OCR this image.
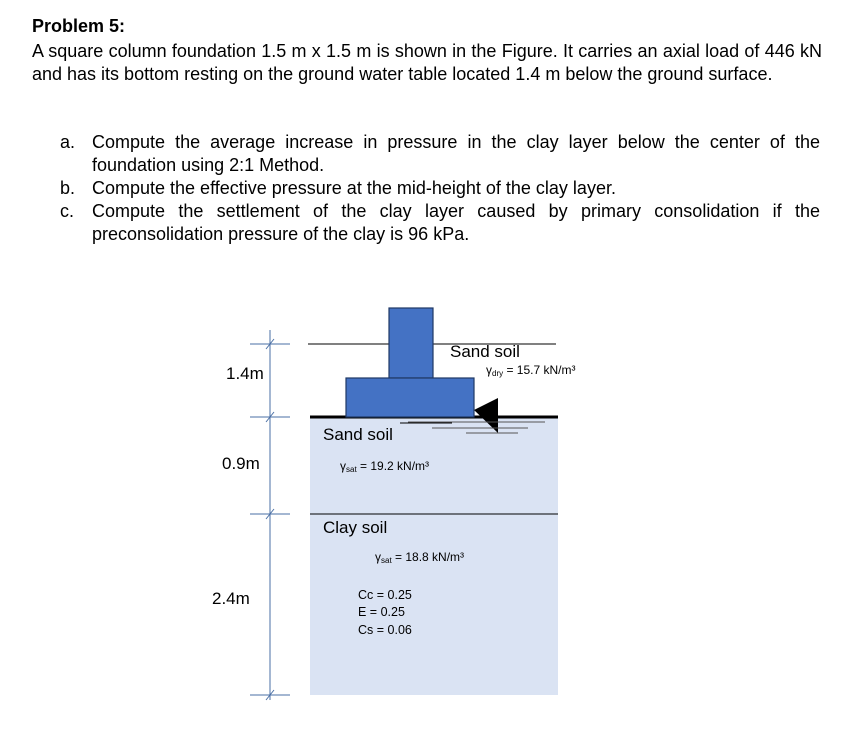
Problem 5:
A square column foundation 1.5 m x 1.5 m is shown in the Figure. It carries an axial load of 446 kN and has its bottom resting on the ground water table located 1.4 m below the ground surface.
a. Compute the average increase in pressure in the clay layer below the center of the foundation using 2:1 Method.
b. Compute the effective pressure at the mid-height of the clay layer.
c. Compute the settlement of the clay layer caused by primary consolidation if the preconsolidation pressure of the clay is 96 kPa.
1.4m
0.9m
2.4m
Sand soil
γdry = 15.7 kN/m³
Sand soil
γsat = 19.2 kN/m³
Clay soil
γsat = 18.8 kN/m³
Cc = 0.25
E = 0.25
Cs = 0.06
